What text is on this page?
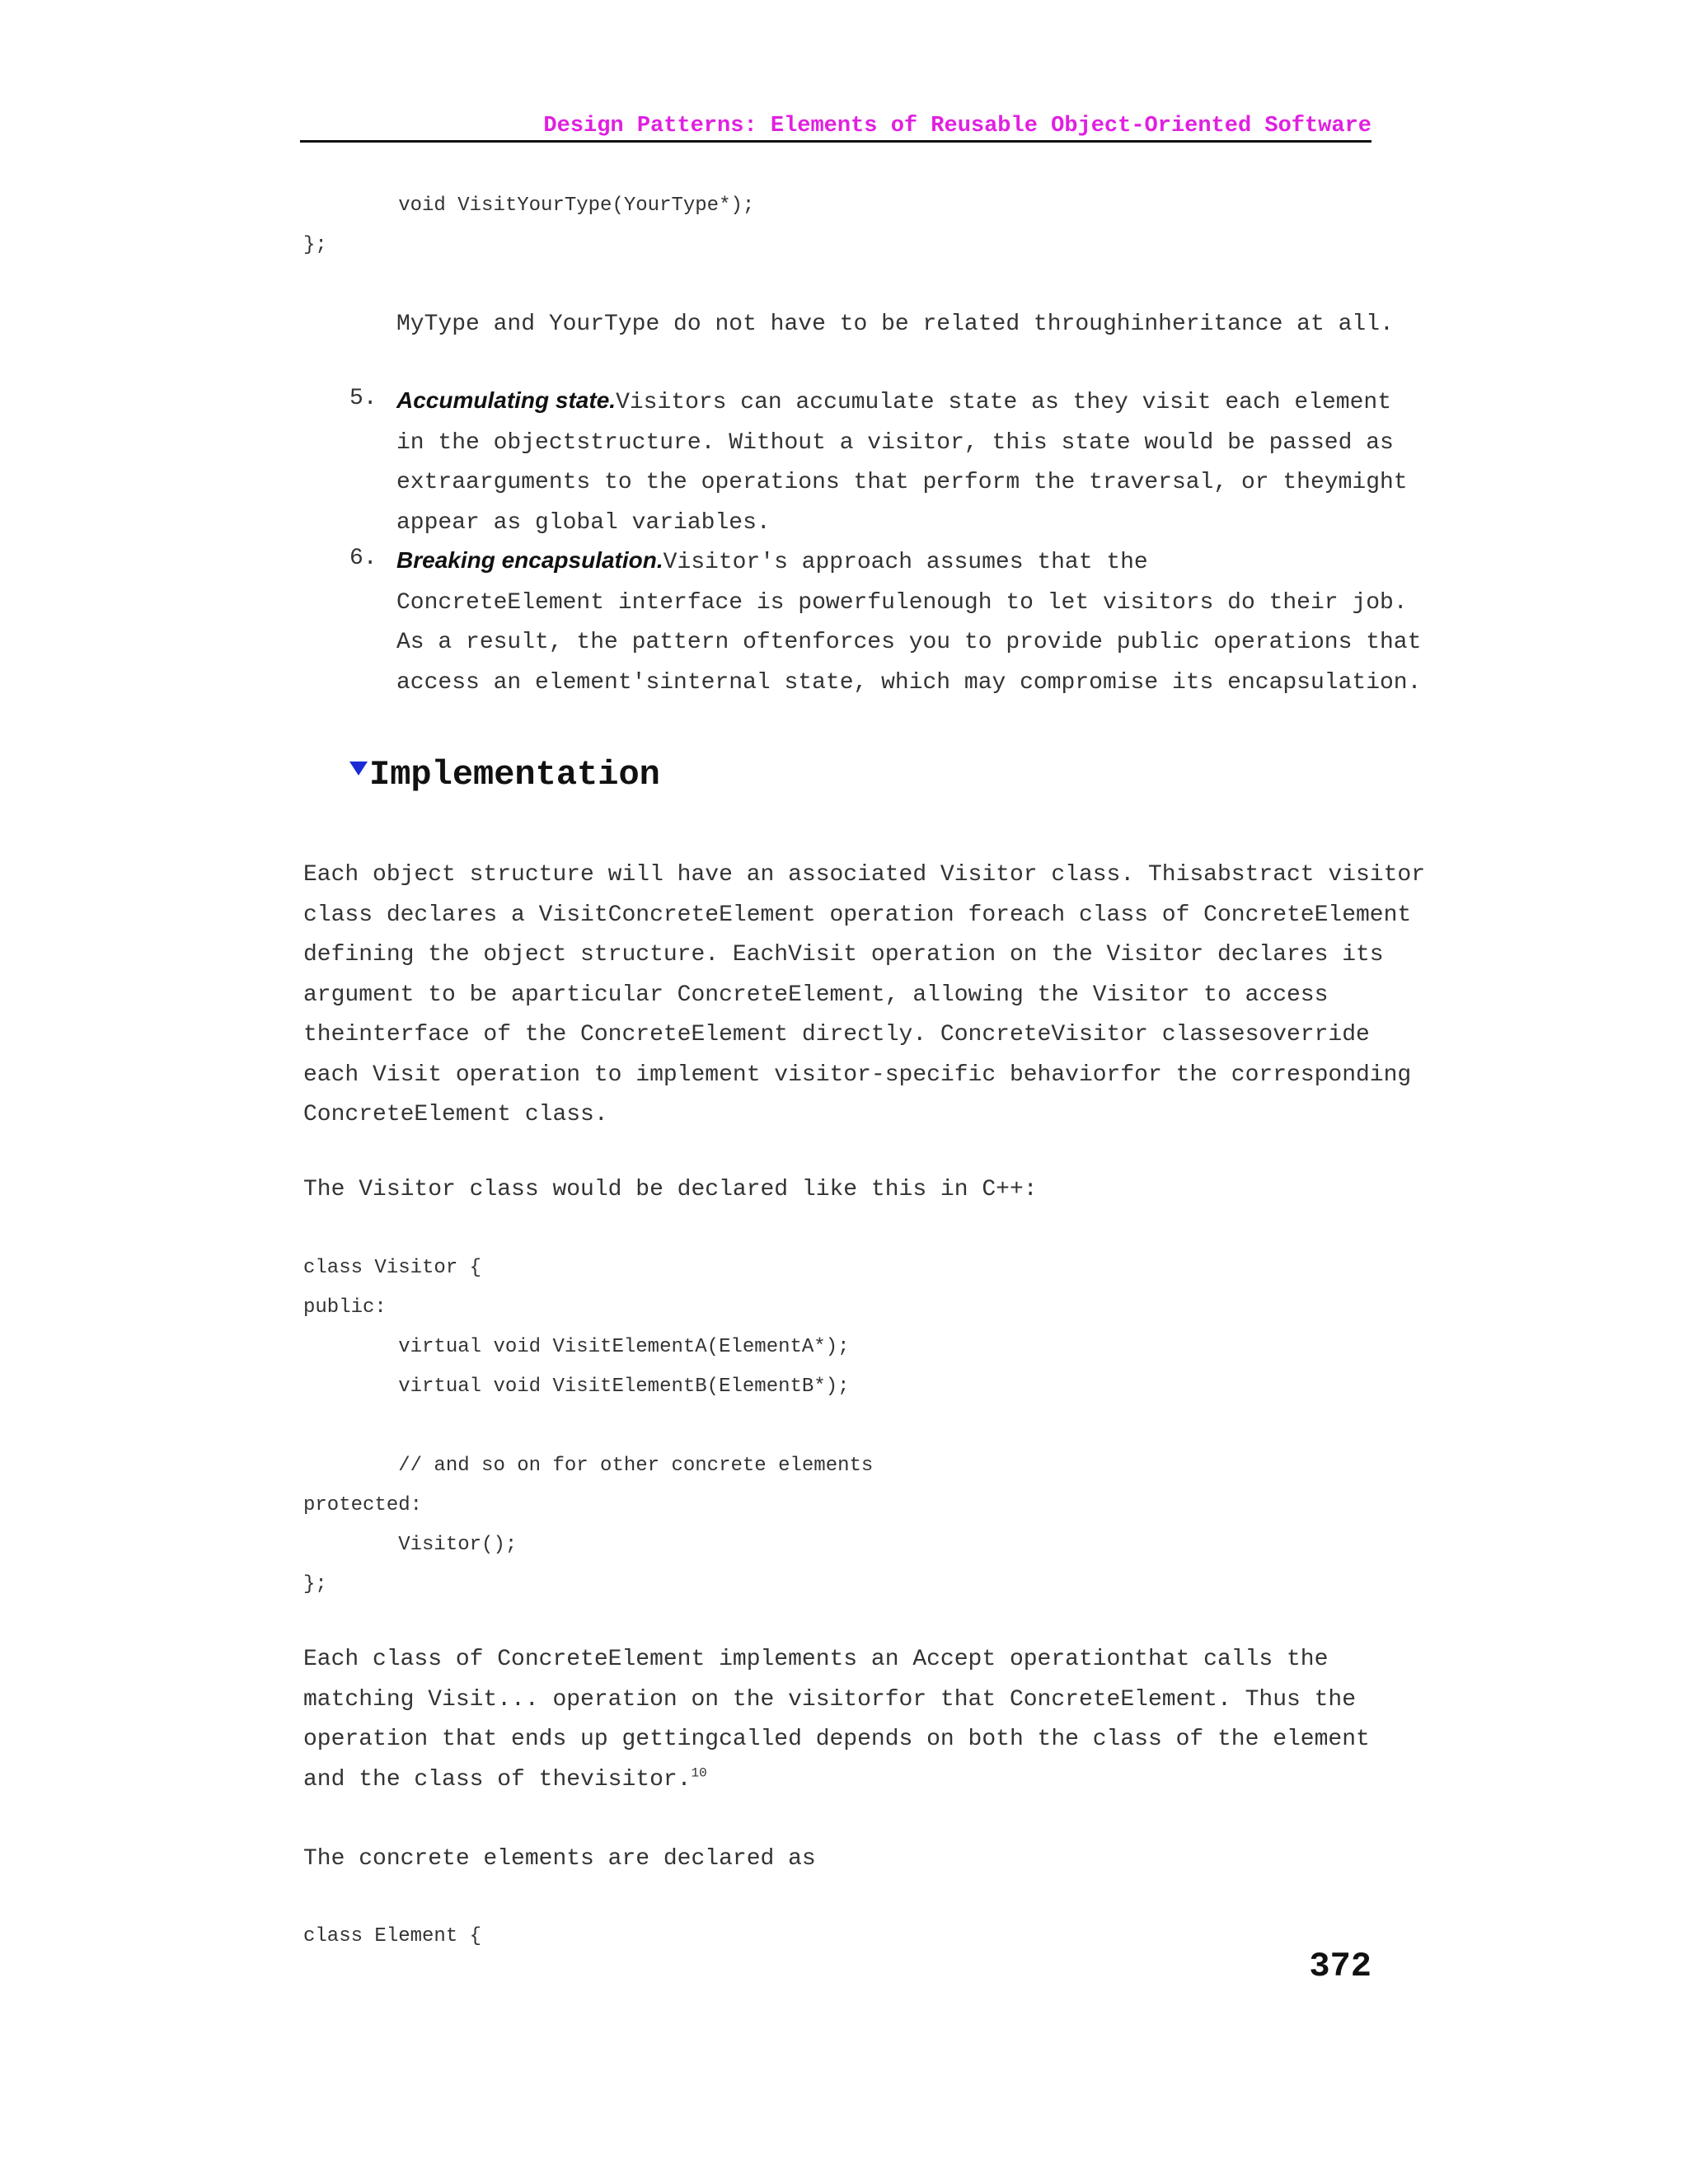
Design Patterns: Elements of Reusable Object-Oriented Software
void VisitYourType(YourType*);
};
MyType and YourType do not have to be related throughinheritance at all.
5. Accumulating state.Visitors can accumulate state as they visit each element
in the objectstructure. Without a visitor, this state would be passed as
extraarguments to the operations that perform the traversal, or theymight
appear as global variables.
6. Breaking encapsulation.Visitor's approach assumes that the
ConcreteElement interface is powerfulenough to let visitors do their job.
As a result, the pattern oftenforces you to provide public operations that
access an element'sinternal state, which may compromise its encapsulation.
Implementation
Each object structure will have an associated Visitor class. Thisabstract visitor
class declares a VisitConcreteElement operation foreach class of ConcreteElement
defining the object structure. EachVisit operation on the Visitor declares its
argument to be aparticular ConcreteElement, allowing the Visitor to access
theinterface of the ConcreteElement directly. ConcreteVisitor classesoverride
each Visit operation to implement visitor-specific behaviorfor the corresponding
ConcreteElement class.
The Visitor class would be declared like this in C++:
class Visitor {
public:
virtual void VisitElementA(ElementA*);
virtual void VisitElementB(ElementB*);
// and so on for other concrete elements
protected:
Visitor();
};
Each class of ConcreteElement implements an Accept operationthat calls the
matching Visit... operation on the visitorfor that ConcreteElement. Thus the
operation that ends up gettingcalled depends on both the class of the element
and the class of thevisitor.$^{10}$
The concrete elements are declared as
class Element {
372
